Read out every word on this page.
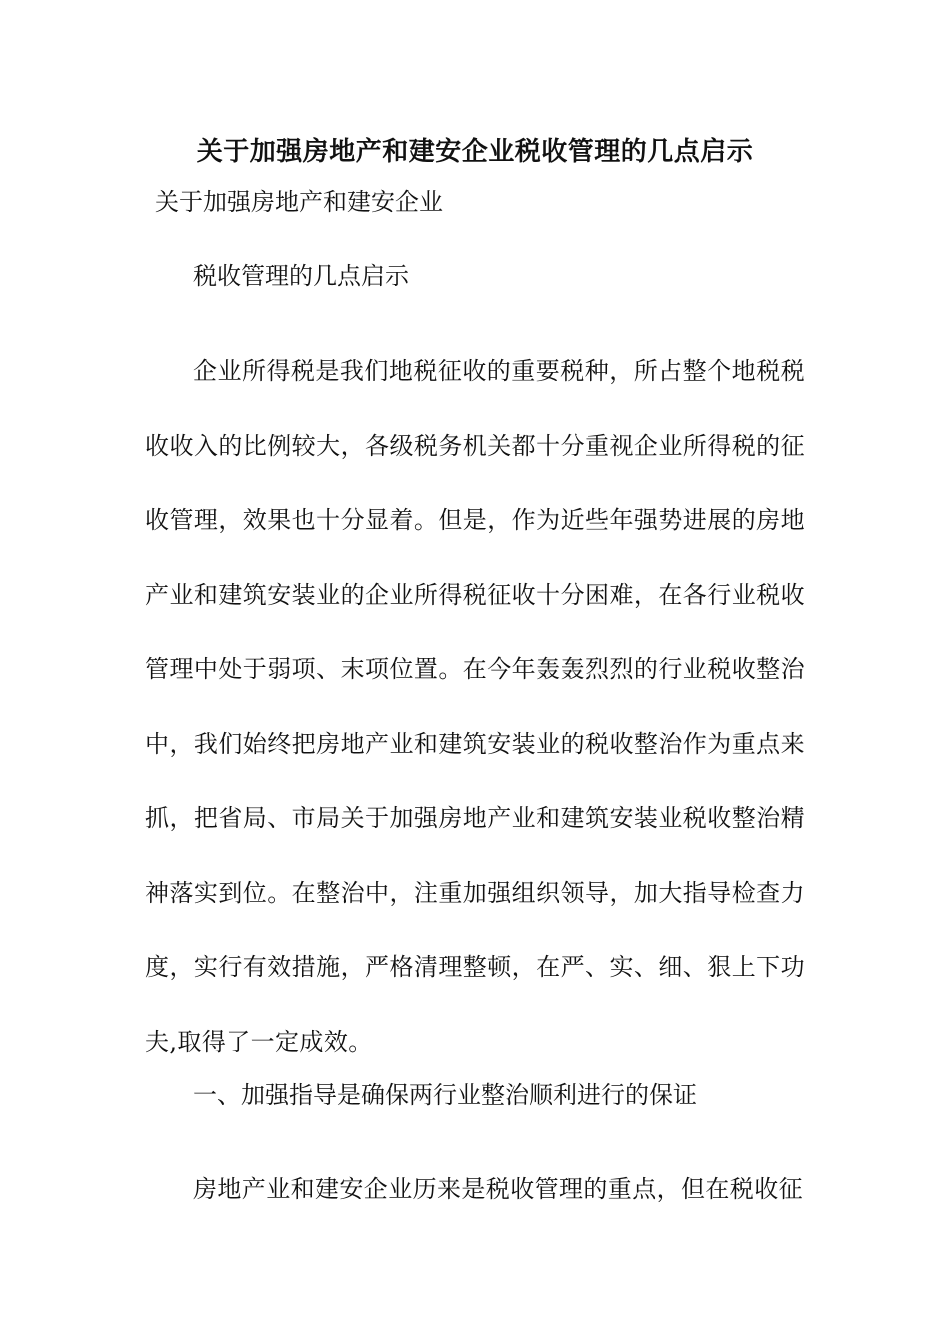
关于加强房地产和建安企业税收管理的几点启示
关于加强房地产和建安企业
税收管理的几点启示
企业所得税是我们地税征收的重要税种，所占整个地税税收收入的比例较大，各级税务机关都十分重视企业所得税的征收管理，效果也十分显着。但是，作为近些年强势进展的房地产业和建筑安装业的企业所得税征收十分困难，在各行业税收管理中处于弱项、末项位置。在今年轰轰烈烈的行业税收整治中，我们始终把房地产业和建筑安装业的税收整治作为重点来抓，把省局、市局关于加强房地产业和建筑安装业税收整治精神落实到位。在整治中，注重加强组织领导，加大指导检查力度，实行有效措施，严格清理整顿，在严、实、细、狠上下功夫,取得了一定成效。
一、加强指导是确保两行业整治顺利进行的保证
房地产业和建安企业历来是税收管理的重点，但在税收征
